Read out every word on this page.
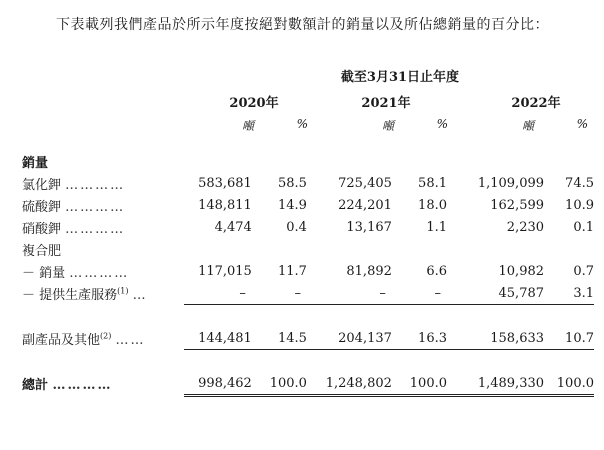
下表載列我們產品於所示年度按絕對數額計的銷量以及所佔總銷量的百分比：
截至3月31日止年度
2020年	2021年	2022年
噸	%	噸	%	噸	%
銷量						
氯化鉀 …………	583,681	58.5	725,405	58.1	1,109,099	74.5
硫酸鉀 …………	148,811	14.9	224,201	18.0	162,599	10.9
硝酸鉀 …………	4,474	0.4	13,167	1.1	2,230	0.1
複合肥						
－ 銷量 …………	117,015	11.7	81,892	6.6	10,982	0.7
－ 提供生產服務$^{(1)}$ …	–	–	–	–	45,787	3.1

副產品及其他$^{(2)}$ ……	144,481	14.5	204,137	16.3	158,633	10.7

總計 …………	998,462	100.0	1,248,802	100.0	1,489,330	100.0
